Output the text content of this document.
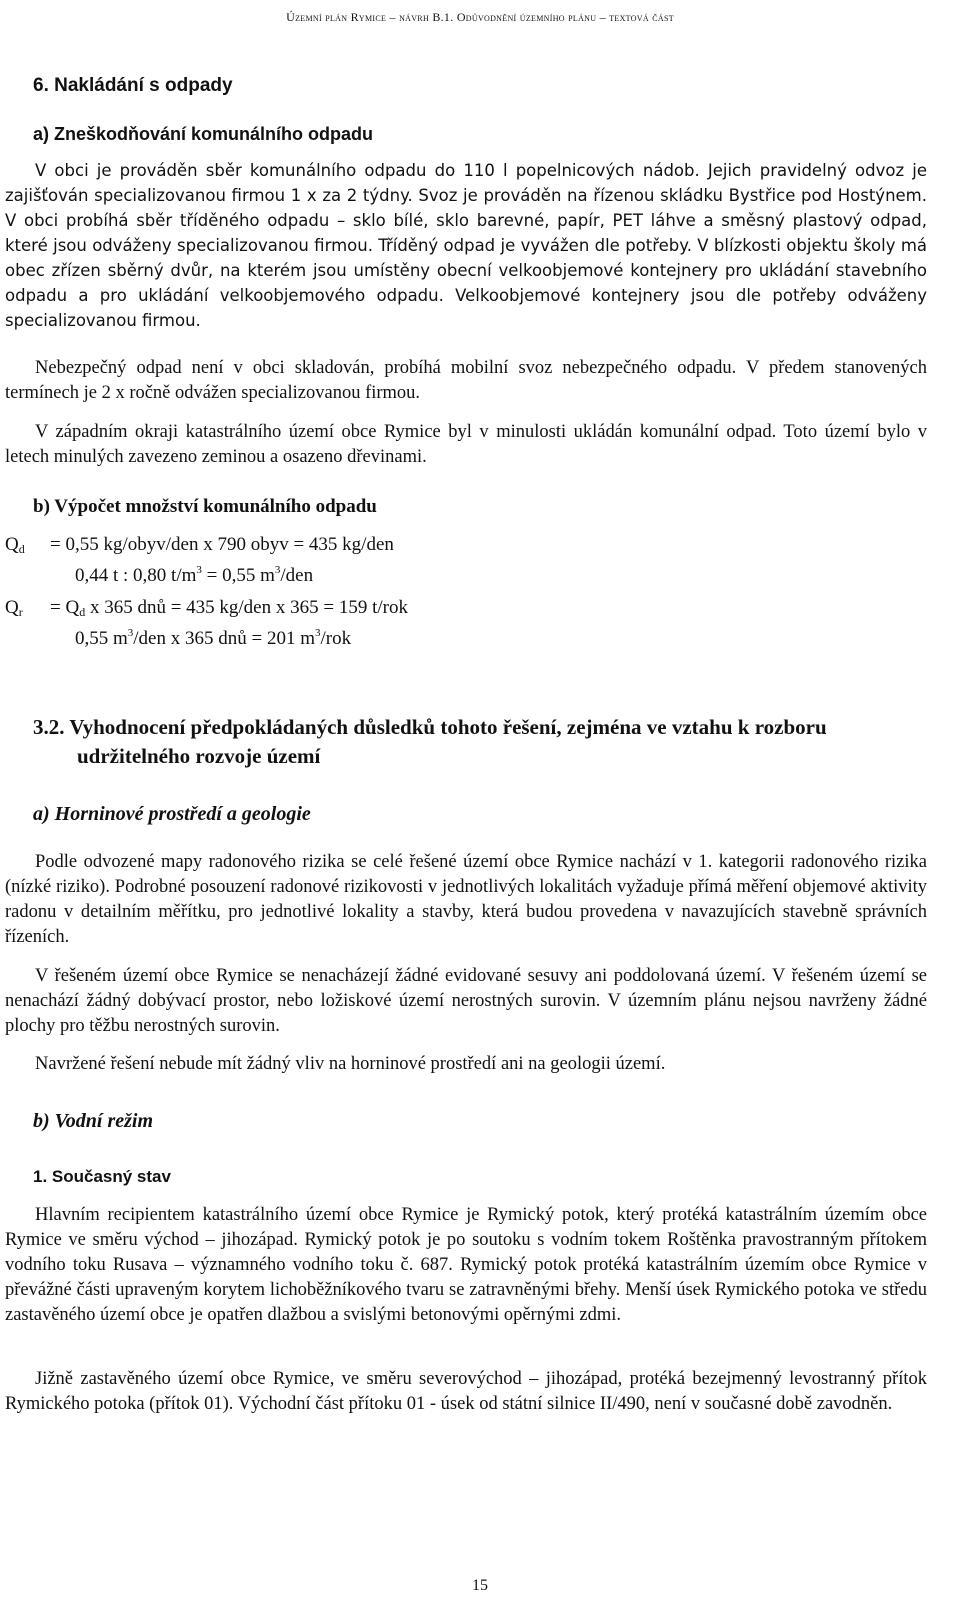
Územní plán Rymice – návrh B.1. Odůvodnění územního plánu – textová část
6. Nakládání s odpady
a) Zneškodňování komunálního odpadu

V obci je prováděn sběr komunálního odpadu do 110 l popelnicových nádob. Jejich pravidelný odvoz je zajišťován specializovanou firmou 1 x za 2 týdny. Svoz je prováděn na řízenou skládku Bystřice pod Hostýnem. V obci probíhá sběr tříděného odpadu – sklo bílé, sklo barevné, papír, PET láhve a směsný plastový odpad, které jsou odváženy specializovanou firmou. Tříděný odpad je vyvážen dle potřeby. V blízkosti objektu školy má obec zřízen sběrný dvůr, na kterém jsou umístěny obecní velkoobjemové kontejnery pro ukládání stavebního odpadu a pro ukládání velkoobjemového odpadu. Velkoobjemové kontejnery jsou dle potřeby odváženy specializovanou firmou.

Nebezpečný odpad není v obci skladován, probíhá mobilní svoz nebezpečného odpadu. V předem stanovených termínech je 2 x ročně odvážen specializovanou firmou.

V západním okraji katastrálního území obce Rymice byl v minulosti ukládán komunální odpad. Toto území bylo v letech minulých zavezeno zeminou a osazeno dřevinami.

b) Výpočet množství komunálního odpadu
$Q_d = 0,55$ kg/obyv/den x 790 obyv = 435 kg/den
0,44 t : 0,80 $t/m^3 = 0,55$ $m^3$/den
$Q_r = Q_d$ x 365 dnů = 435 kg/den x 365 = 159 t/rok
0,55 $m^3$/den x 365 dnů = 201 $m^3$/rok
3.2. Vyhodnocení předpokládaných důsledků tohoto řešení, zejména ve vztahu k rozboru udržitelného rozvoje území
a) Horninové prostředí a geologie

Podle odvozené mapy radonového rizika se celé řešené území obce Rymice nachází v 1. kategorii radonového rizika (nízké riziko). Podrobné posouzení radonové rizikovosti v jednotlivých lokalitách vyžaduje přímá měření objemové aktivity radonu v detailním měřítku, pro jednotlivé lokality a stavby, která budou provedena v navazujících stavebně správních řízeních.

V řešeném území obce Rymice se nenacházejí žádné evidované sesuvy ani poddolovaná území. V řešeném území se nenachází žádný dobývací prostor, nebo ložiskové území nerostných surovin. V územním plánu nejsou navrženy žádné plochy pro těžbu nerostných surovin.

Navržené řešení nebude mít žádný vliv na horninové prostředí ani na geologii území.

b) Vodní režim
1. Současný stav

Hlavním recipientem katastrálního území obce Rymice je Rymický potok, který protéká katastrálním územím obce Rymice ve směru východ – jihozápad. Rymický potok je po soutoku s vodním tokem Roštěnka pravostranným přítokem vodního toku Rusava – významného vodního toku č. 687. Rymický potok protéká katastrálním územím obce Rymice v převážné části upraveným korytem lichoběžníkového tvaru se zatravněnými břehy. Menší úsek Rymického potoka ve středu zastavěného území obce je opatřen dlažbou a svislými betonovými opěrnými zdmi.

Jižně zastavěného území obce Rymice, ve směru severovýchod – jihozápad, protéká bezejmenný levostranný přítok Rymického potoka (přítok 01). Východní část přítoku 01 - úsek od státní silnice II/490, není v současné době zavodněn.

15
